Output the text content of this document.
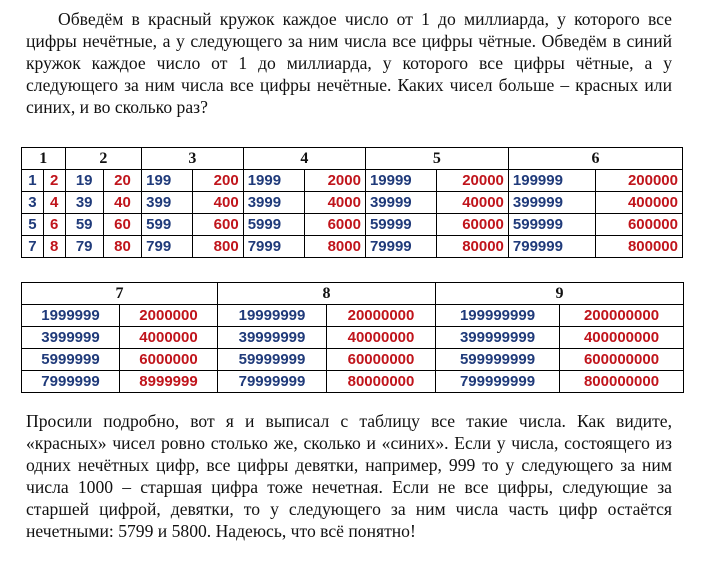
Обведём в красный кружок каждое число от 1 до миллиарда, у которого все цифры нечётные, а у следующего за ним числа все цифры чётные. Обведём в синий кружок каждое число от 1 до миллиарда, у которого все цифры чётные, а у следующего за ним числа все цифры нечётные. Каких чисел больше – красных или синих, и во сколько раз?

1		2		3		4		5		6	
1	2	19	20	199	200	1999	2000	19999	20000	199999	200000
3	4	39	40	399	400	3999	4000	39999	40000	399999	400000
5	6	59	60	599	600	5999	6000	59999	60000	599999	600000
7	8	79	80	799	800	7999	8000	79999	80000	799999	800000
7		8		9	
1999999	2000000	19999999	20000000	199999999	200000000
3999999	4000000	39999999	40000000	399999999	400000000
5999999	6000000	59999999	60000000	599999999	600000000
7999999	8999999	79999999	80000000	799999999	800000000

Просили подробно, вот я и выписал с таблицу все такие числа. Как видите, «красных» чисел ровно столько же, сколько и «синих». Если у числа, состоящего из одних нечётных цифр, все цифры девятки, например, 999 то у следующего за ним числа 1000 – старшая цифра тоже нечетная. Если не все цифры, следующие за старшей цифрой, девятки, то у следующего за ним числа часть цифр остаётся нечетными: 5799 и 5800. Надеюсь, что всё понятно!
